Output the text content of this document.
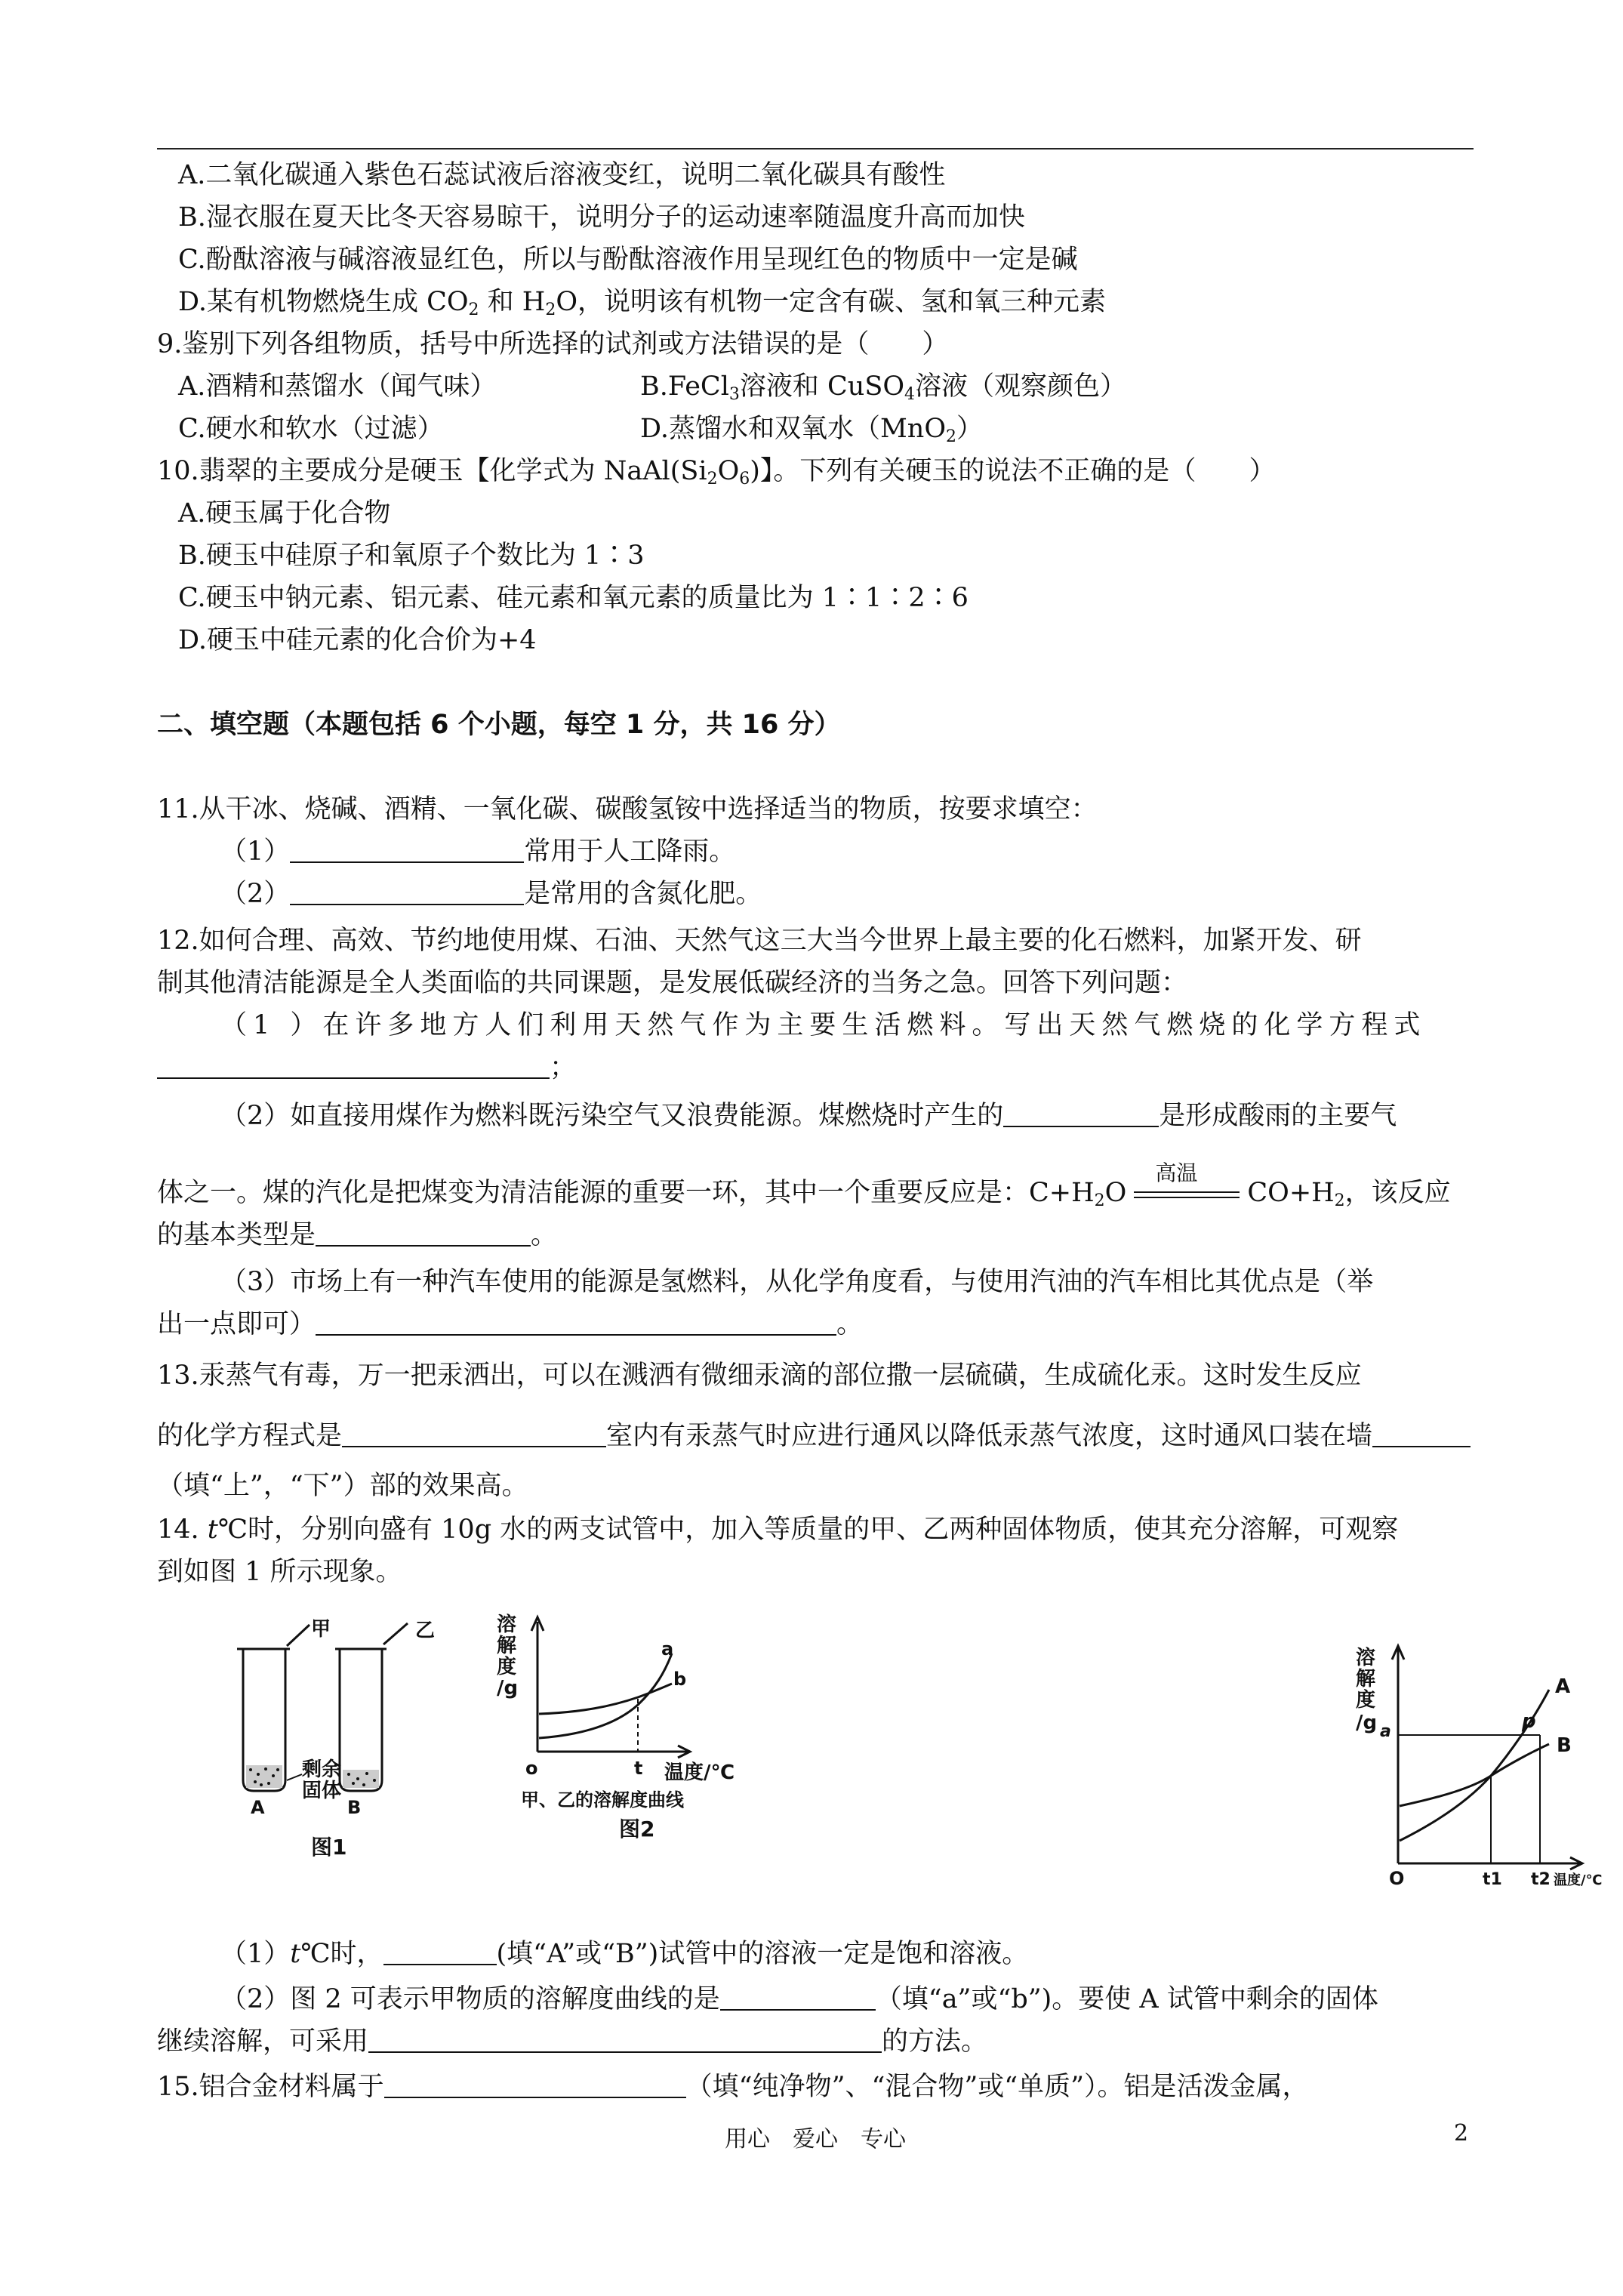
A.二氧化碳通入紫色石蕊试液后溶液变红，说明二氧化碳具有酸性
B.湿衣服在夏天比冬天容易晾干，说明分子的运动速率随温度升高而加快
C.酚酞溶液与碱溶液显红色，所以与酚酞溶液作用呈现红色的物质中一定是碱
D.某有机物燃烧生成 $CO_2$ 和 $H_2O$，说明该有机物一定含有碳、氢和氧三种元素
9.鉴别下列各组物质，括号中所选择的试剂或方法错误的是（　　）
A.酒精和蒸馏水（闻气味）	B.FeCl$_3$溶液和 CuSO$_4$溶液（观察颜色）
C.硬水和软水（过滤）	D.蒸馏水和双氧水（MnO$_2$）
10.翡翠的主要成分是硬玉【化学式为 $NaAl(Si_2O_6)$】。下列有关硬玉的说法不正确的是（　　）
A.硬玉属于化合物
B.硬玉中硅原子和氧原子个数比为 1∶3
C.硬玉中钠元素、铝元素、硅元素和氧元素的质量比为 1∶1∶2∶6
D.硬玉中硅元素的化合价为+4
二、填空题（本题包括 6 个小题，每空 1 分，共 16 分）
11.从干冰、烧碱、酒精、一氧化碳、碳酸氢铵中选择适当的物质，按要求填空：
（1）	常用于人工降雨。
（2）	是常用的含氮化肥。
12.如何合理、高效、节约地使用煤、石油、天然气这三大当今世界上最主要的化石燃料，加紧开发、研
制其他清洁能源是全人类面临的共同课题，是发展低碳经济的当务之急。回答下列问题：
（1 ）在许多地方人们利用天然气作为主要生活燃料。写出天然气燃烧的化学方程式
；
（2）如直接用煤作为燃料既污染空气又浪费能源。煤燃烧时产生的	是形成酸雨的主要气
体之一。煤的汽化是把煤变为清洁能源的重要一环，其中一个重要反应是：$C+H_2O$
高温
$CO+H_2$，该反应
的基本类型是	。
（3）市场上有一种汽车使用的能源是氢燃料，从化学角度看，与使用汽油的汽车相比其优点是（举
出一点即可）	。
13.汞蒸气有毒，万一把汞洒出，可以在溅洒有微细汞滴的部位撒一层硫磺，生成硫化汞。这时发生反应
的化学方程式是	室内有汞蒸气时应进行通风以降低汞蒸气浓度，这时通风口装在墙
（填“上”，“下”）部的效果高。
14. t℃时，分别向盛有 10g 水的两支试管中，加入等质量的甲、乙两种固体物质，使其充分溶解，可观察
到如图 1 所示现象。
甲	乙
剩余
固体
A	B
图1
溶
解
度
/g
a
b
o	t 温度/℃
甲、乙的溶解度曲线
图2
溶
解
度
/g a	p
A
B
O	t1 t2 温度/℃
（1）t℃时，	(填“A”或“B”)试管中的溶液一定是饱和溶液。
（2）图 2 可表示甲物质的溶解度曲线的是	（填“a”或“b”)。要使 A 试管中剩余的固体
继续溶解，可采用	的方法。
15.铝合金材料属于	（填“纯净物”、“混合物”或“单质”）。铝是活泼金属，
用心　爱心　专心	2
